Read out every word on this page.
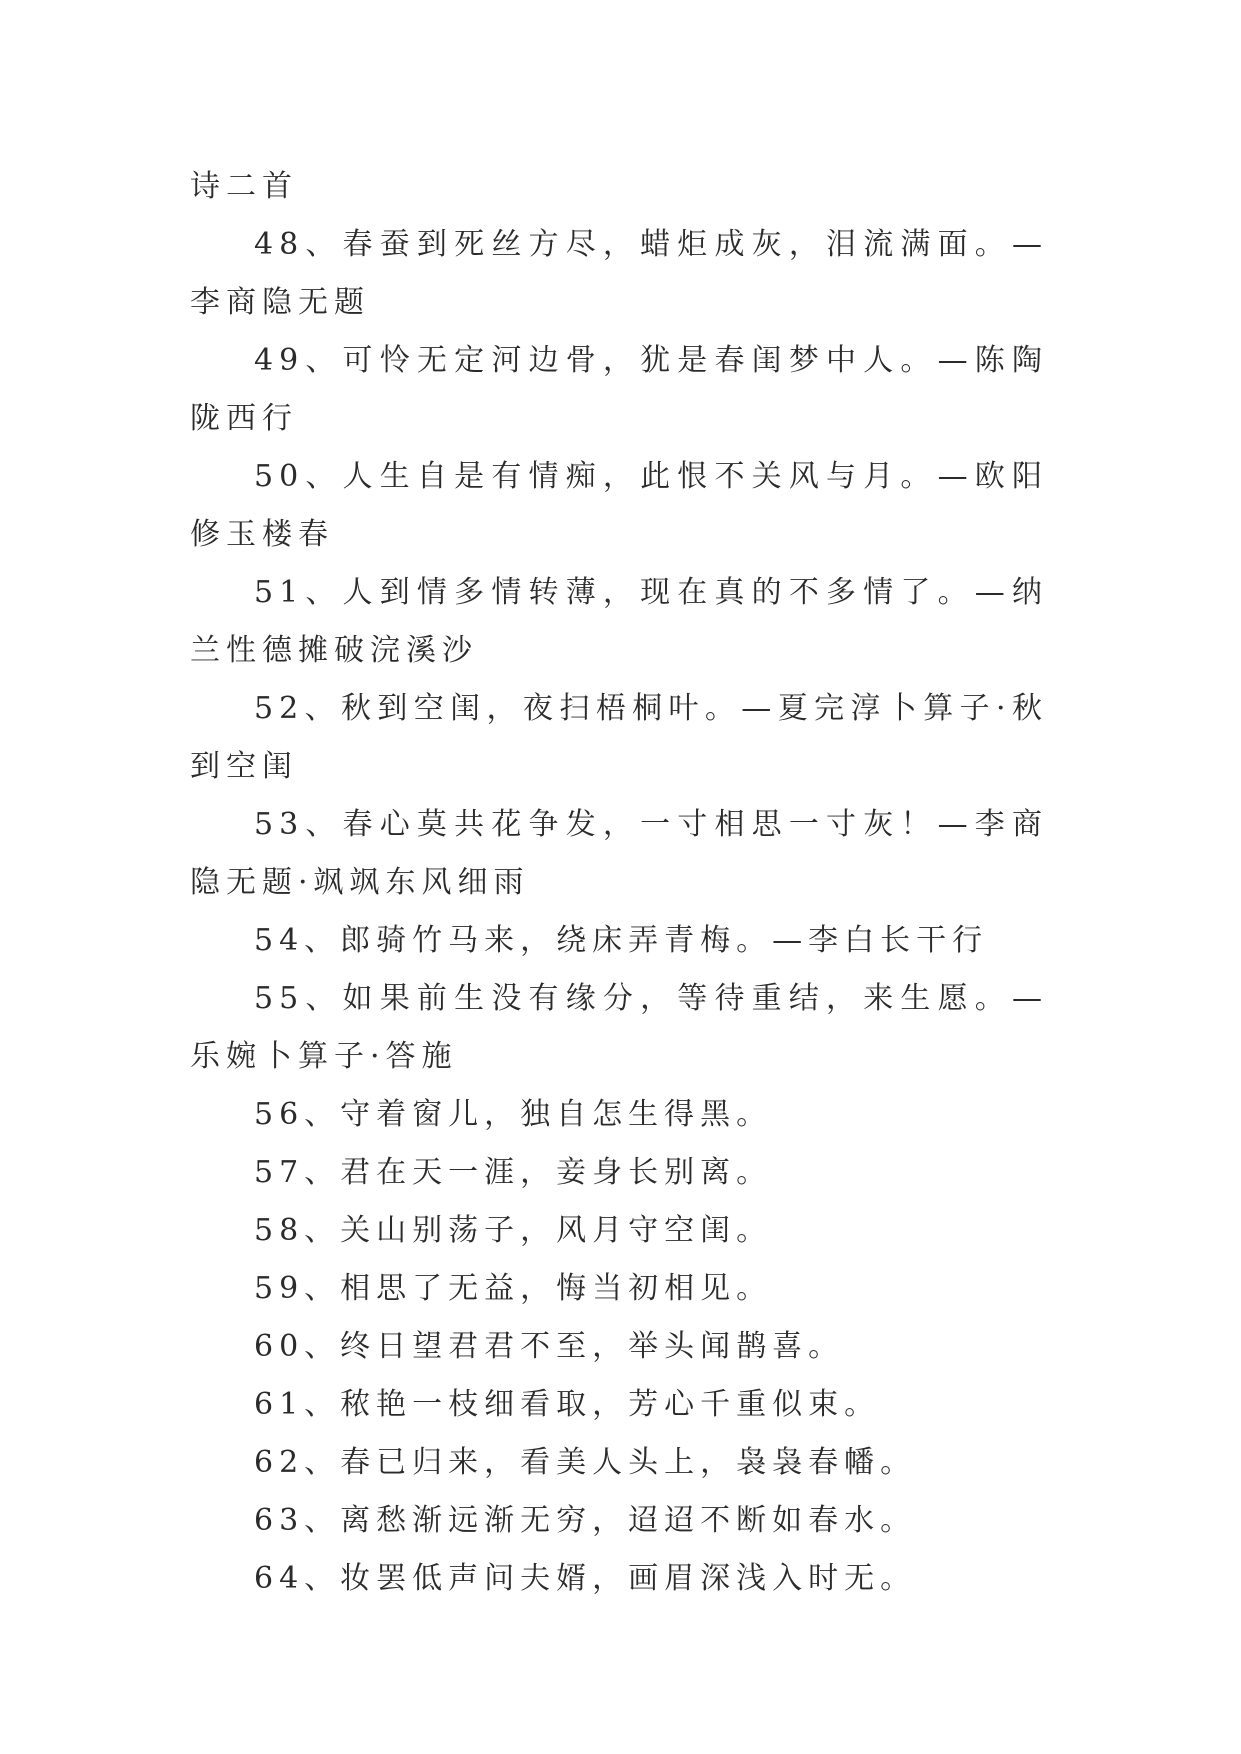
诗二首

48、春蚕到死丝方尽，蜡炬成灰，泪流满面。—李商隐无题

49、可怜无定河边骨，犹是春闺梦中人。—陈陶陇西行

50、人生自是有情痴，此恨不关风与月。—欧阳修玉楼春

51、人到情多情转薄，现在真的不多情了。—纳兰性德摊破浣溪沙

52、秋到空闺，夜扫梧桐叶。—夏完淳卜算子·秋到空闺

53、春心莫共花争发，一寸相思一寸灰！—李商隐无题·飒飒东风细雨

54、郎骑竹马来，绕床弄青梅。—李白长干行

55、如果前生没有缘分，等待重结，来生愿。—乐婉卜算子·答施

56、守着窗儿，独自怎生得黑。

57、君在天一涯，妾身长别离。

58、关山别荡子，风月守空闺。

59、相思了无益，悔当初相见。

60、终日望君君不至，举头闻鹊喜。

61、秾艳一枝细看取，芳心千重似束。

62、春已归来，看美人头上，袅袅春幡。

63、离愁渐远渐无穷，迢迢不断如春水。

64、妆罢低声问夫婿，画眉深浅入时无。
